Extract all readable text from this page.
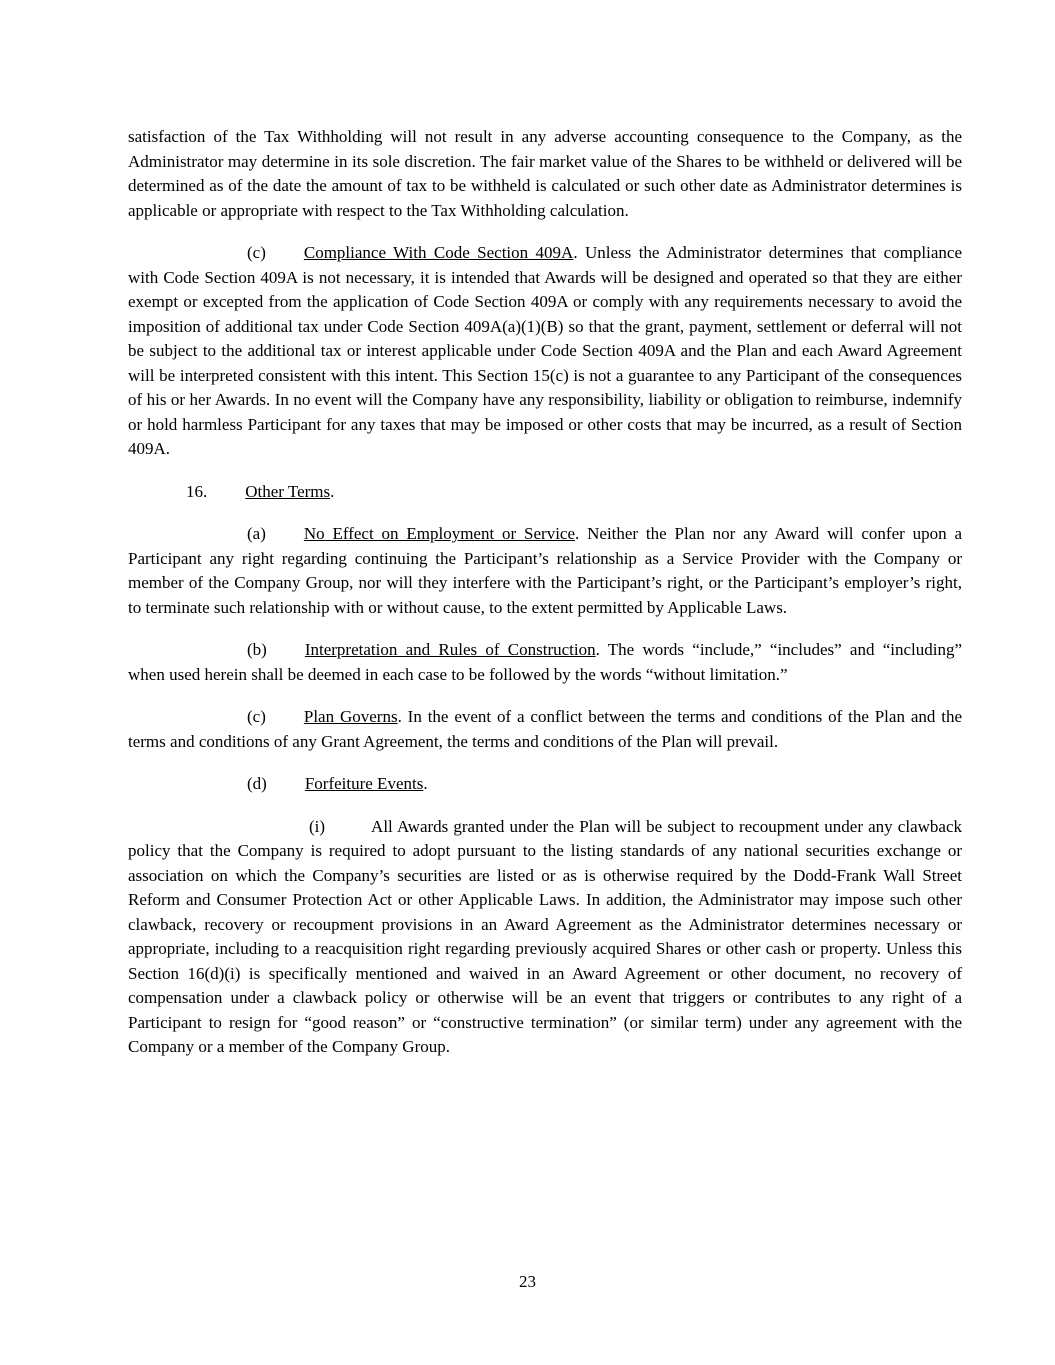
satisfaction of the Tax Withholding will not result in any adverse accounting consequence to the Company, as the Administrator may determine in its sole discretion. The fair market value of the Shares to be withheld or delivered will be determined as of the date the amount of tax to be withheld is calculated or such other date as Administrator determines is applicable or appropriate with respect to the Tax Withholding calculation.

(c) Compliance With Code Section 409A. Unless the Administrator determines that compliance with Code Section 409A is not necessary, it is intended that Awards will be designed and operated so that they are either exempt or excepted from the application of Code Section 409A or comply with any requirements necessary to avoid the imposition of additional tax under Code Section 409A(a)(1)(B) so that the grant, payment, settlement or deferral will not be subject to the additional tax or interest applicable under Code Section 409A and the Plan and each Award Agreement will be interpreted consistent with this intent. This Section 15(c) is not a guarantee to any Participant of the consequences of his or her Awards. In no event will the Company have any responsibility, liability or obligation to reimburse, indemnify or hold harmless Participant for any taxes that may be imposed or other costs that may be incurred, as a result of Section 409A.

16. Other Terms.

(a) No Effect on Employment or Service. Neither the Plan nor any Award will confer upon a Participant any right regarding continuing the Participant’s relationship as a Service Provider with the Company or member of the Company Group, nor will they interfere with the Participant’s right, or the Participant’s employer’s right, to terminate such relationship with or without cause, to the extent permitted by Applicable Laws.

(b) Interpretation and Rules of Construction. The words “include,” “includes” and “including” when used herein shall be deemed in each case to be followed by the words “without limitation.”

(c) Plan Governs. In the event of a conflict between the terms and conditions of the Plan and the terms and conditions of any Grant Agreement, the terms and conditions of the Plan will prevail.

(d) Forfeiture Events.

(i)	All Awards granted under the Plan will be subject to recoupment under any clawback policy that the Company is required to adopt pursuant to the listing standards of any national securities exchange or association on which the Company’s securities are listed or as is otherwise required by the Dodd-Frank Wall Street Reform and Consumer Protection Act or other Applicable Laws. In addition, the Administrator may impose such other clawback, recovery or recoupment provisions in an Award Agreement as the Administrator determines necessary or appropriate, including to a reacquisition right regarding previously acquired Shares or other cash or property. Unless this Section 16(d)(i) is specifically mentioned and waived in an Award Agreement or other document, no recovery of compensation under a clawback policy or otherwise will be an event that triggers or contributes to any right of a Participant to resign for “good reason” or “constructive termination” (or similar term) under any agreement with the Company or a member of the Company Group.

23
